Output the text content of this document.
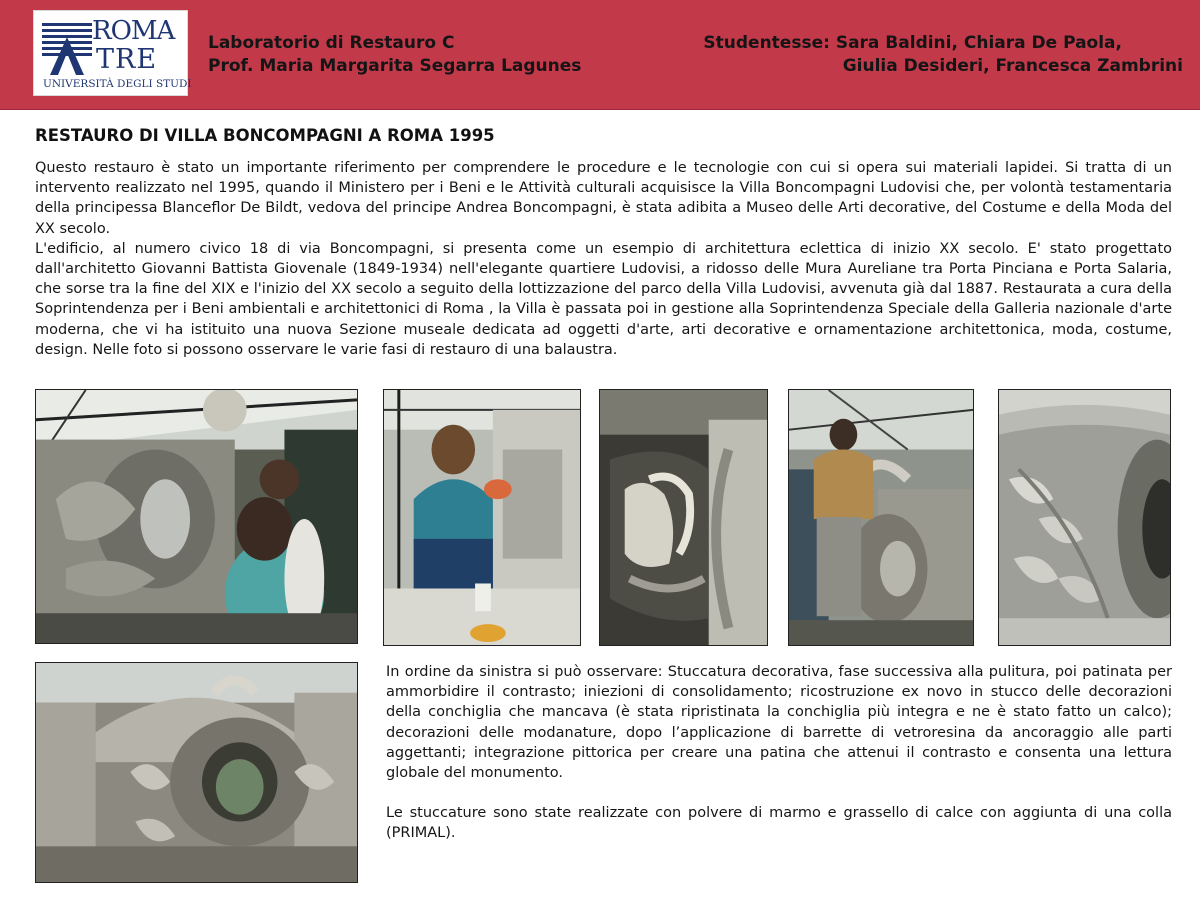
ROMA
TRE
UNIVERSITÀ DEGLI STUDI
Laboratorio di Restauro C
Prof. Maria Margarita Segarra Lagunes
Studentesse: Sara Baldini, Chiara De Paola,
Giulia Desideri, Francesca Zambrini
RESTAURO DI VILLA BONCOMPAGNI A ROMA 1995

Questo restauro è stato un importante riferimento per comprendere le procedure e le tecnologie con cui si opera sui materiali lapidei. Si tratta di un intervento realizzato nel 1995, quando il Ministero per i Beni e le Attività culturali acquisisce la Villa Boncompagni Ludovisi che, per volontà testamentaria della principessa Blanceflor De Bildt, vedova del principe Andrea Boncompagni, è stata adibita a Museo delle Arti decorative, del Costume e della Moda del XX secolo.

L'edificio, al numero civico 18 di via Boncompagni, si presenta come un esempio di architettura eclettica di inizio XX secolo. E' stato progettato dall'architetto Giovanni Battista Giovenale (1849-1934) nell'elegante quartiere Ludovisi, a ridosso delle Mura Aureliane tra Porta Pinciana e Porta Salaria, che sorse tra la fine del XIX e l'inizio del XX secolo a seguito della lottizzazione del parco della Villa Ludovisi, avvenuta già dal 1887. Restaurata a cura della Soprintendenza per i Beni ambientali e architettonici di Roma , la Villa è passata poi in gestione alla Soprintendenza Speciale della Galleria nazionale d'arte moderna, che vi ha istituito una nuova Sezione museale dedicata ad oggetti d'arte, arti decorative e ornamentazione architettonica, moda, costume, design. Nelle foto si possono osservare le varie fasi di restauro di una balaustra.

In ordine da sinistra si può osservare: Stuccatura decorativa, fase successiva alla pulitura, poi patinata per ammorbidire il contrasto; iniezioni di consolidamento; ricostruzione ex novo in stucco delle decorazioni della conchiglia che mancava (è stata ripristinata la conchiglia più integra e ne è stato fatto un calco); decorazioni delle modanature, dopo l’applicazione di barrette di vetroresina da ancoraggio alle parti aggettanti; integrazione pittorica per creare una patina che attenui il contrasto e consenta una lettura globale del monumento.

Le stuccature sono state realizzate con polvere di marmo e grassello di calce con aggiunta di una colla (PRIMAL).
